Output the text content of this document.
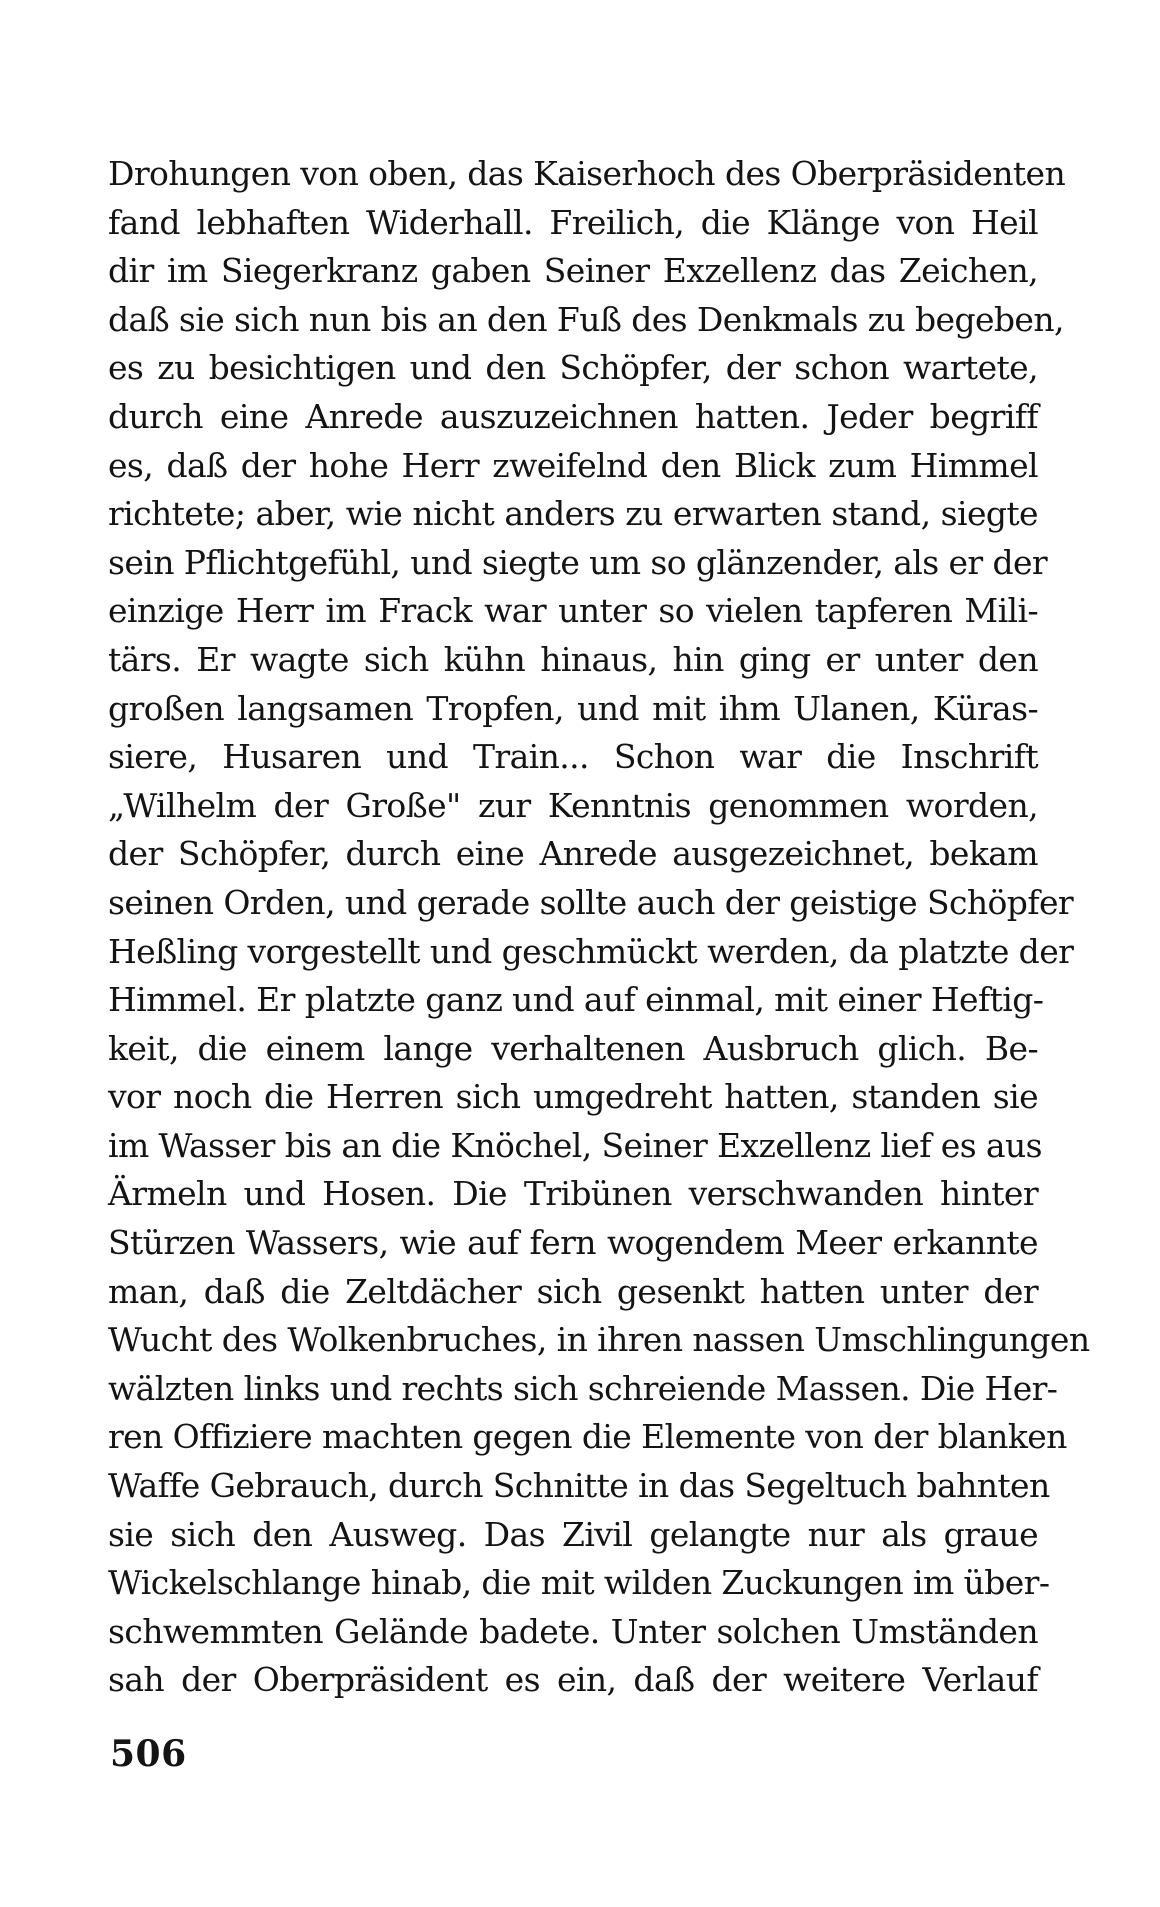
Drohungen von oben, das Kaiserhoch des Oberpräsidenten
fand lebhaften Widerhall. Freilich, die Klänge von Heil
dir im Siegerkranz gaben Seiner Exzellenz das Zeichen,
daß sie sich nun bis an den Fuß des Denkmals zu begeben,
es zu besichtigen und den Schöpfer, der schon wartete,
durch eine Anrede auszuzeichnen hatten. Jeder begriff
es, daß der hohe Herr zweifelnd den Blick zum Himmel
richtete; aber, wie nicht anders zu erwarten stand, siegte
sein Pflichtgefühl, und siegte um so glänzender, als er der
einzige Herr im Frack war unter so vielen tapferen Mili-
tärs. Er wagte sich kühn hinaus, hin ging er unter den
großen langsamen Tropfen, und mit ihm Ulanen, Küras-
siere, Husaren und Train... Schon war die Inschrift
„Wilhelm der Große" zur Kenntnis genommen worden,
der Schöpfer, durch eine Anrede ausgezeichnet, bekam
seinen Orden, und gerade sollte auch der geistige Schöpfer
Heßling vorgestellt und geschmückt werden, da platzte der
Himmel. Er platzte ganz und auf einmal, mit einer Heftig-
keit, die einem lange verhaltenen Ausbruch glich. Be-
vor noch die Herren sich umgedreht hatten, standen sie
im Wasser bis an die Knöchel, Seiner Exzellenz lief es aus
Ärmeln und Hosen. Die Tribünen verschwanden hinter
Stürzen Wassers, wie auf fern wogendem Meer erkannte
man, daß die Zeltdächer sich gesenkt hatten unter der
Wucht des Wolkenbruches, in ihren nassen Umschlingungen
wälzten links und rechts sich schreiende Massen. Die Her-
ren Offiziere machten gegen die Elemente von der blanken
Waffe Gebrauch, durch Schnitte in das Segeltuch bahnten
sie sich den Ausweg. Das Zivil gelangte nur als graue
Wickelschlange hinab, die mit wilden Zuckungen im über-
schwemmten Gelände badete. Unter solchen Umständen
sah der Oberpräsident es ein, daß der weitere Verlauf
506
